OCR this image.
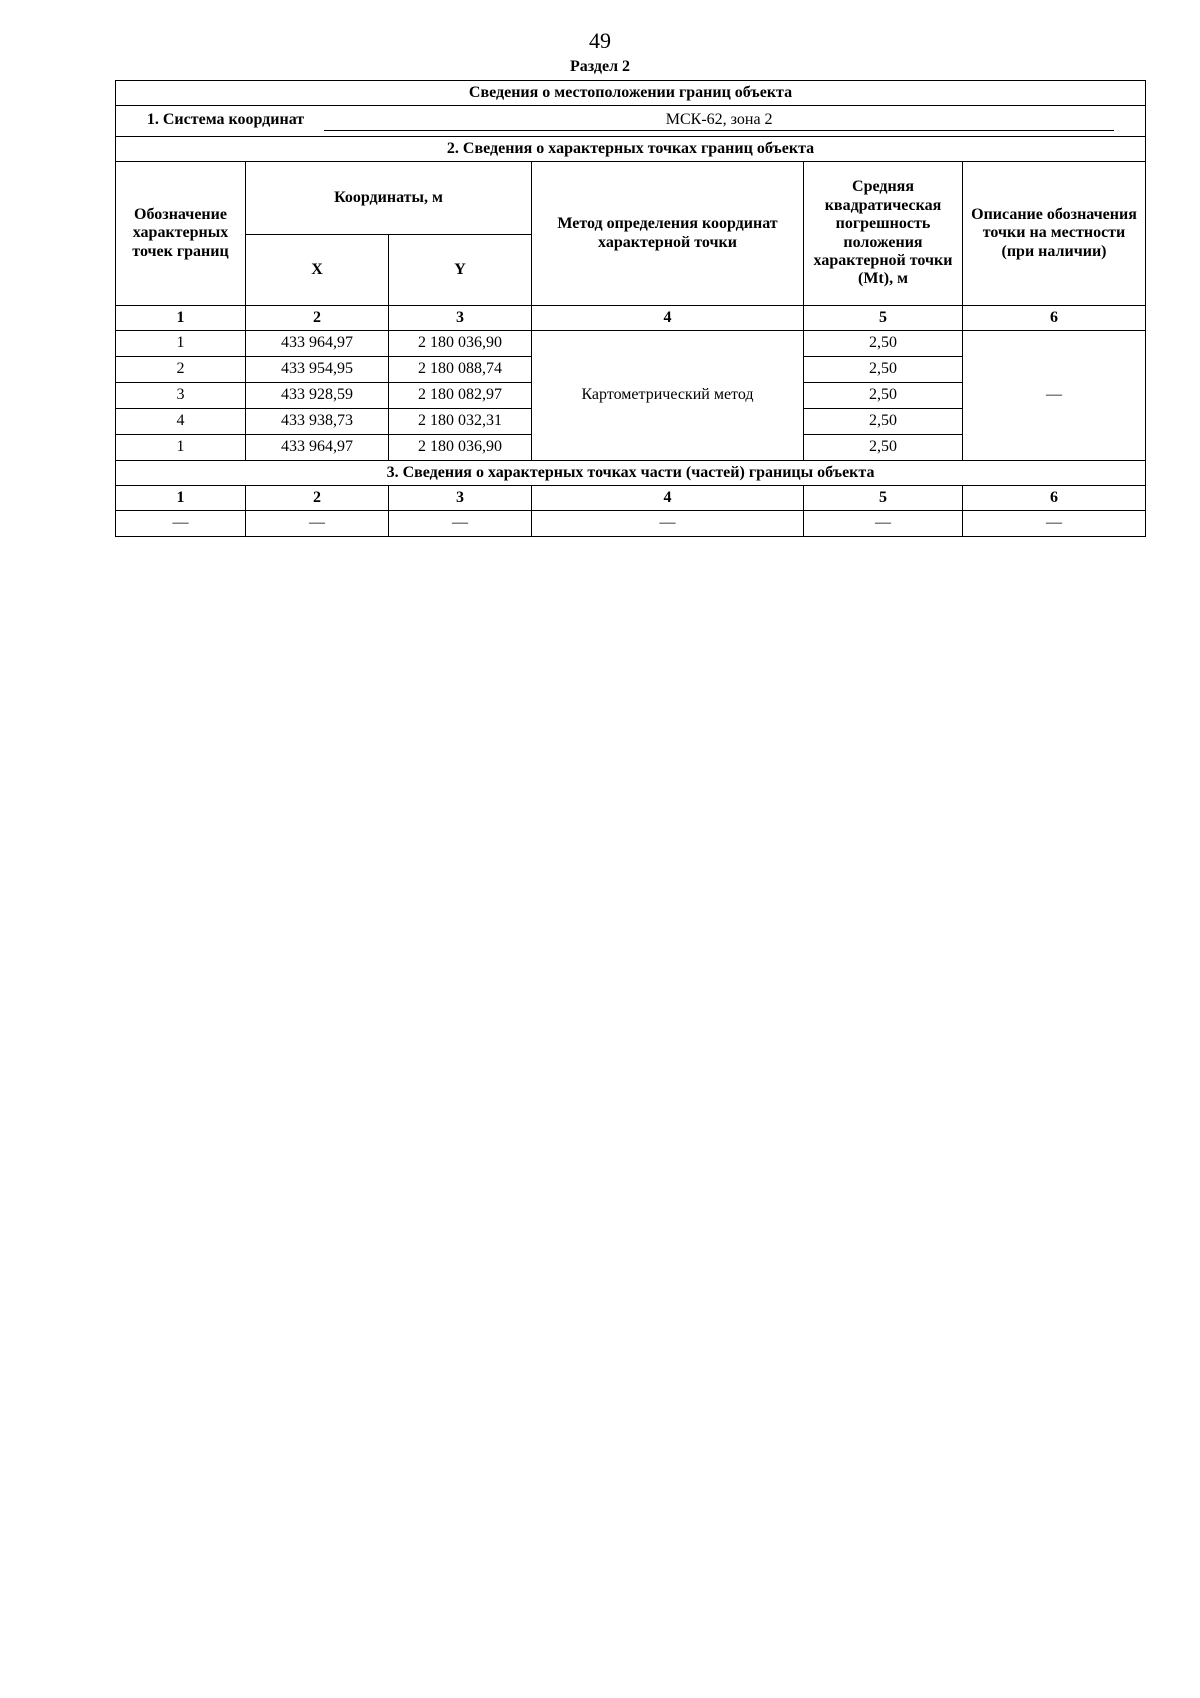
49
Раздел 2
Сведения о местоположении границ объекта					
1. Система координат МСК-62, зона 2					
2. Сведения о характерных точках границ объекта					
Обозначение характерных точек границ	Координаты, м		Метод определения координат характерной точки	Средняя квадратическая погрешность положения характерной точки (Mt), м	Описание обозначения точки на местности (при наличии)
	X	Y			
1	2	3	4	5	6
1	433 964,97	2 180 036,90	Картометрический метод	2,50	—
2	433 954,95	2 180 088,74		2,50	
3	433 928,59	2 180 082,97		2,50	
4	433 938,73	2 180 032,31		2,50	
1	433 964,97	2 180 036,90		2,50	
3. Сведения о характерных точках части (частей) границы объекта					
1	2	3	4	5	6
—	—	—	—	—	—
